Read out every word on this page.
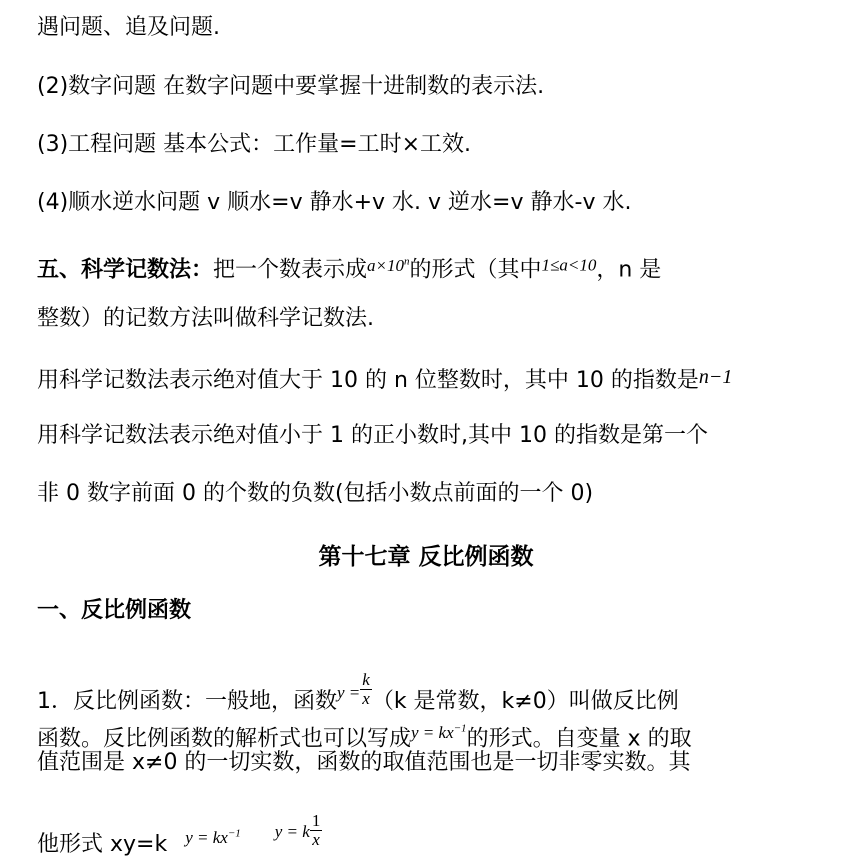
遇问题、追及问题.
(2)数字问题 在数字问题中要掌握十进制数的表示法.
(3)工程问题 基本公式：工作量=工时×工效.
(4)顺水逆水问题 v 顺水=v 静水+v 水. v 逆水=v 静水-v 水.
五、科学记数法：把一个数表示成$^{a\times 10^n}$的形式（其中$^{1\le a<10}$，n 是
整数）的记数方法叫做科学记数法.
用科学记数法表示绝对值大于 10 的 n 位整数时，其中 10 的指数是n−1
用科学记数法表示绝对值小于 1 的正小数时,其中 10 的指数是第一个
非 0 数字前面 0 的个数的负数(包括小数点前面的一个 0)
第十七章 反比例函数
一、反比例函数
1．反比例函数：一般地，函数$^{y =} \frac{k}{x} (k$ 是常数，k≠0）叫做反比例
函数。反比例函数的解析式也可以写成$^{y = kx^{-1}}$的形式。自变量 x 的取
值范围是 x≠0 的一切实数，函数的取值范围也是一切非零实数。其
他形式 xy=k $^{y = kx^{-1}}$ $^{y = k} \frac{1}{x}$
